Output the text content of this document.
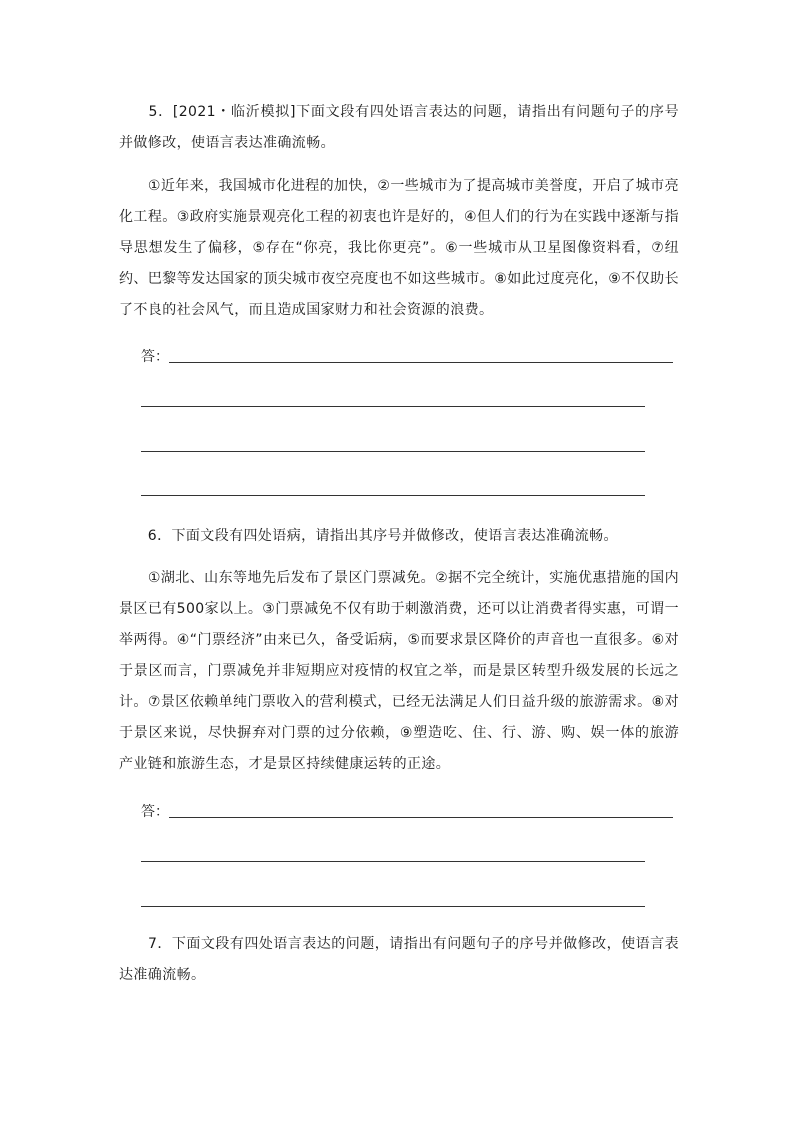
　　5．[2021・临沂模拟]下面文段有四处语言表达的问题，请指出有问题句子的序号并做修改，使语言表达准确流畅。

　　①近年来，我国城市化进程的加快，②一些城市为了提高城市美誉度，开启了城市亮化工程。③政府实施景观亮化工程的初衷也许是好的，④但人们的行为在实践中逐渐与指导思想发生了偏移，⑤存在“你亮，我比你更亮”。⑥一些城市从卫星图像资料看，⑦纽约、巴黎等发达国家的顶尖城市夜空亮度也不如这些城市。⑧如此过度亮化，⑨不仅助长了不良的社会风气，而且造成国家财力和社会资源的浪费。

答：

　　6．下面文段有四处语病，请指出其序号并做修改，使语言表达准确流畅。

　　①湖北、山东等地先后发布了景区门票减免。②据不完全统计，实施优惠措施的国内景区已有500家以上。③门票减免不仅有助于刺激消费，还可以让消费者得实惠，可谓一举两得。④“门票经济”由来已久，备受诟病，⑤而要求景区降价的声音也一直很多。⑥对于景区而言，门票减免并非短期应对疫情的权宜之举，而是景区转型升级发展的长远之计。⑦景区依赖单纯门票收入的营利模式，已经无法满足人们日益升级的旅游需求。⑧对于景区来说，尽快摒弃对门票的过分依赖，⑨塑造吃、住、行、游、购、娱一体的旅游产业链和旅游生态，才是景区持续健康运转的正途。

答：

　　7．下面文段有四处语言表达的问题，请指出有问题句子的序号并做修改，使语言表达准确流畅。
